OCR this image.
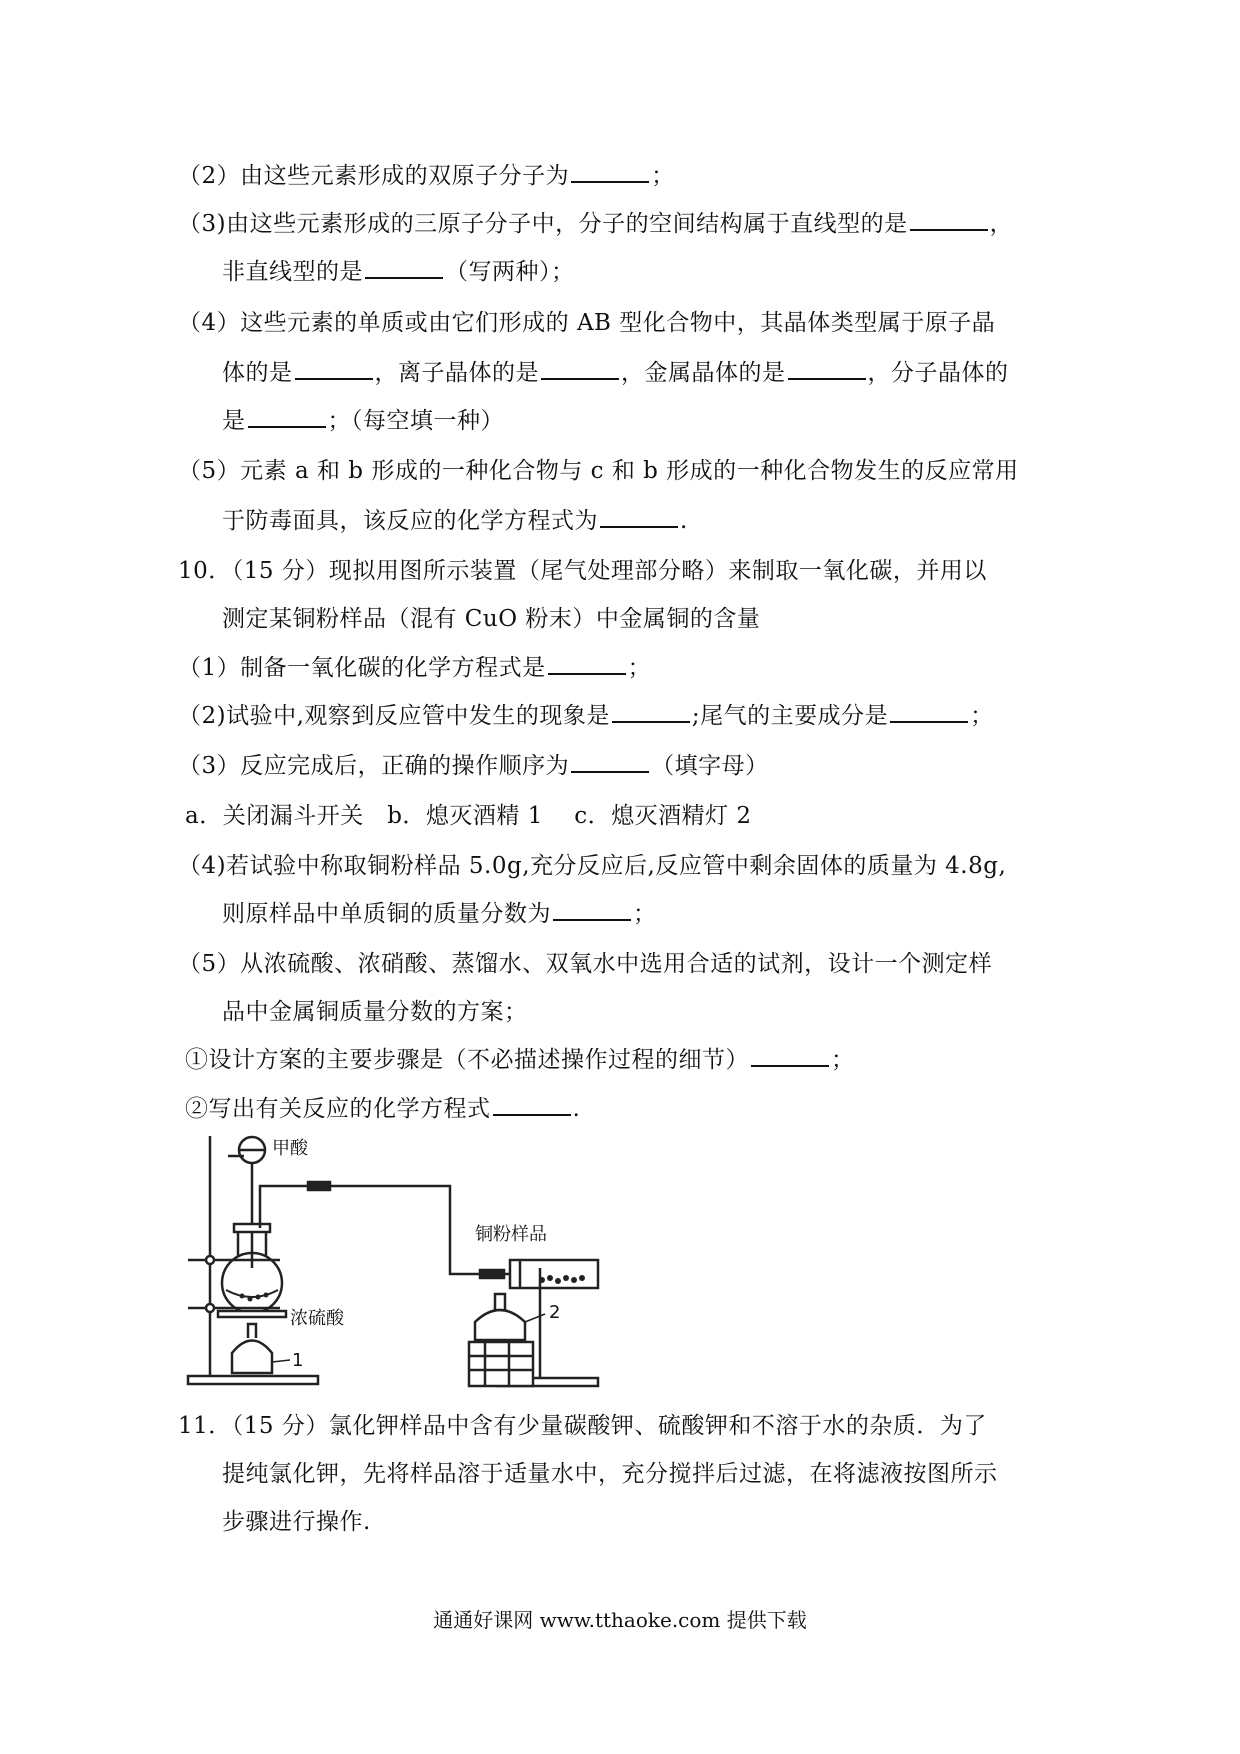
（2）由这些元素形成的双原子分子为	；
（3)由这些元素形成的三原子分子中，分子的空间结构属于直线型的是	，
非直线型的是	（写两种）；
（4）这些元素的单质或由它们形成的 AB 型化合物中，其晶体类型属于原子晶
体的是	，离子晶体的是	，金属晶体的是	，分子晶体的
是	；（每空填一种）
（5）元素 a 和 b 形成的一种化合物与 c 和 b 形成的一种化合物发生的反应常用
于防毒面具，该反应的化学方程式为	.
10．（15 分）现拟用图所示装置（尾气处理部分略）来制取一氧化碳，并用以
测定某铜粉样品（混有 CuO 粉末）中金属铜的含量
（1）制备一氧化碳的化学方程式是	；
（2)试验中,观察到反应管中发生的现象是	;尾气的主要成分是	；
（3）反应完成后，正确的操作顺序为	（填字母）
a．关闭漏斗开关　b．熄灭酒精 1　 c．熄灭酒精灯 2
（4)若试验中称取铜粉样品 5.0g,充分反应后,反应管中剩余固体的质量为 4.8g,
则原样品中单质铜的质量分数为	；
（5）从浓硫酸、浓硝酸、蒸馏水、双氧水中选用合适的试剂，设计一个测定样
品中金属铜质量分数的方案；
①设计方案的主要步骤是（不必描述操作过程的细节）	；
②写出有关反应的化学方程式	.
甲酸
铜粉样品
浓硫酸
1
2
11．（15 分）氯化钾样品中含有少量碳酸钾、硫酸钾和不溶于水的杂质．为了
提纯氯化钾，先将样品溶于适量水中，充分搅拌后过滤，在将滤液按图所示
步骤进行操作.
通通好课网 www.tthaoke.com 提供下载
